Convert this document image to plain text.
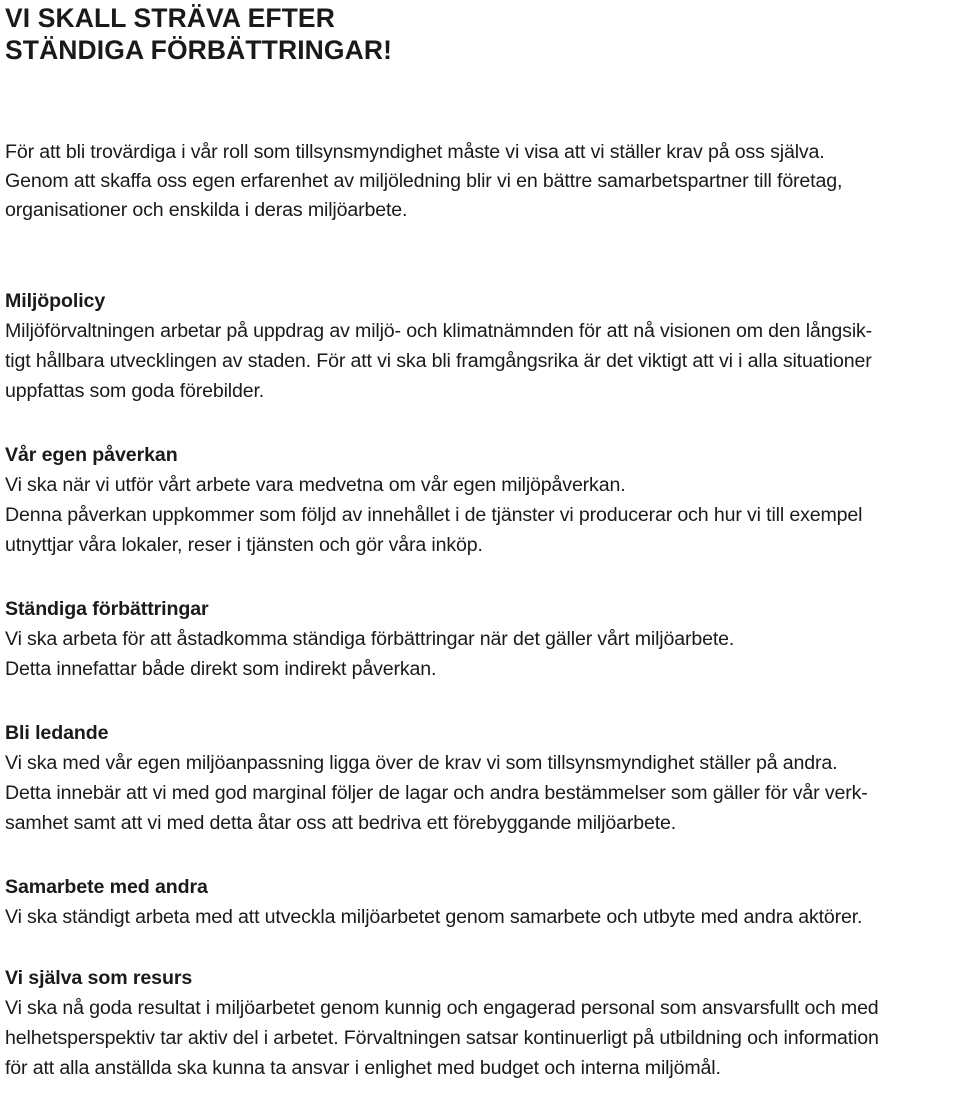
VI SKALL STRÄVA EFTER
STÄNDIGA FÖRBÄTTRINGAR!

För att bli trovärdiga i vår roll som tillsynsmyndighet måste vi visa att vi ställer krav på oss själva.
Genom att skaffa oss egen erfarenhet av miljöledning blir vi en bättre samarbetspartner till företag,
organisationer och enskilda i deras miljöarbete.

Miljöpolicy

Miljöförvaltningen arbetar på uppdrag av miljö- och klimatnämnden för att nå visionen om den långsik-
tigt hållbara utvecklingen av staden. För att vi ska bli framgångsrika är det viktigt att vi i alla situationer
uppfattas som goda förebilder.

Vår egen påverkan

Vi ska när vi utför vårt arbete vara medvetna om vår egen miljöpåverkan.
Denna påverkan uppkommer som följd av innehållet i de tjänster vi producerar och hur vi till exempel
utnyttjar våra lokaler, reser i tjänsten och gör våra inköp.

Ständiga förbättringar

Vi ska arbeta för att åstadkomma ständiga förbättringar när det gäller vårt miljöarbete.
Detta innefattar både direkt som indirekt påverkan.

Bli ledande

Vi ska med vår egen miljöanpassning ligga över de krav vi som tillsynsmyndighet ställer på andra.
Detta innebär att vi med god marginal följer de lagar och andra bestämmelser som gäller för vår verk-
samhet samt att vi med detta åtar oss att bedriva ett förebyggande miljöarbete.

Samarbete med andra

Vi ska ständigt arbeta med att utveckla miljöarbetet genom samarbete och utbyte med andra aktörer.

Vi själva som resurs

Vi ska nå goda resultat i miljöarbetet genom kunnig och engagerad personal som ansvarsfullt och med
helhetsperspektiv tar aktiv del i arbetet. Förvaltningen satsar kontinuerligt på utbildning och information
för att alla anställda ska kunna ta ansvar i enlighet med budget och interna miljömål.
